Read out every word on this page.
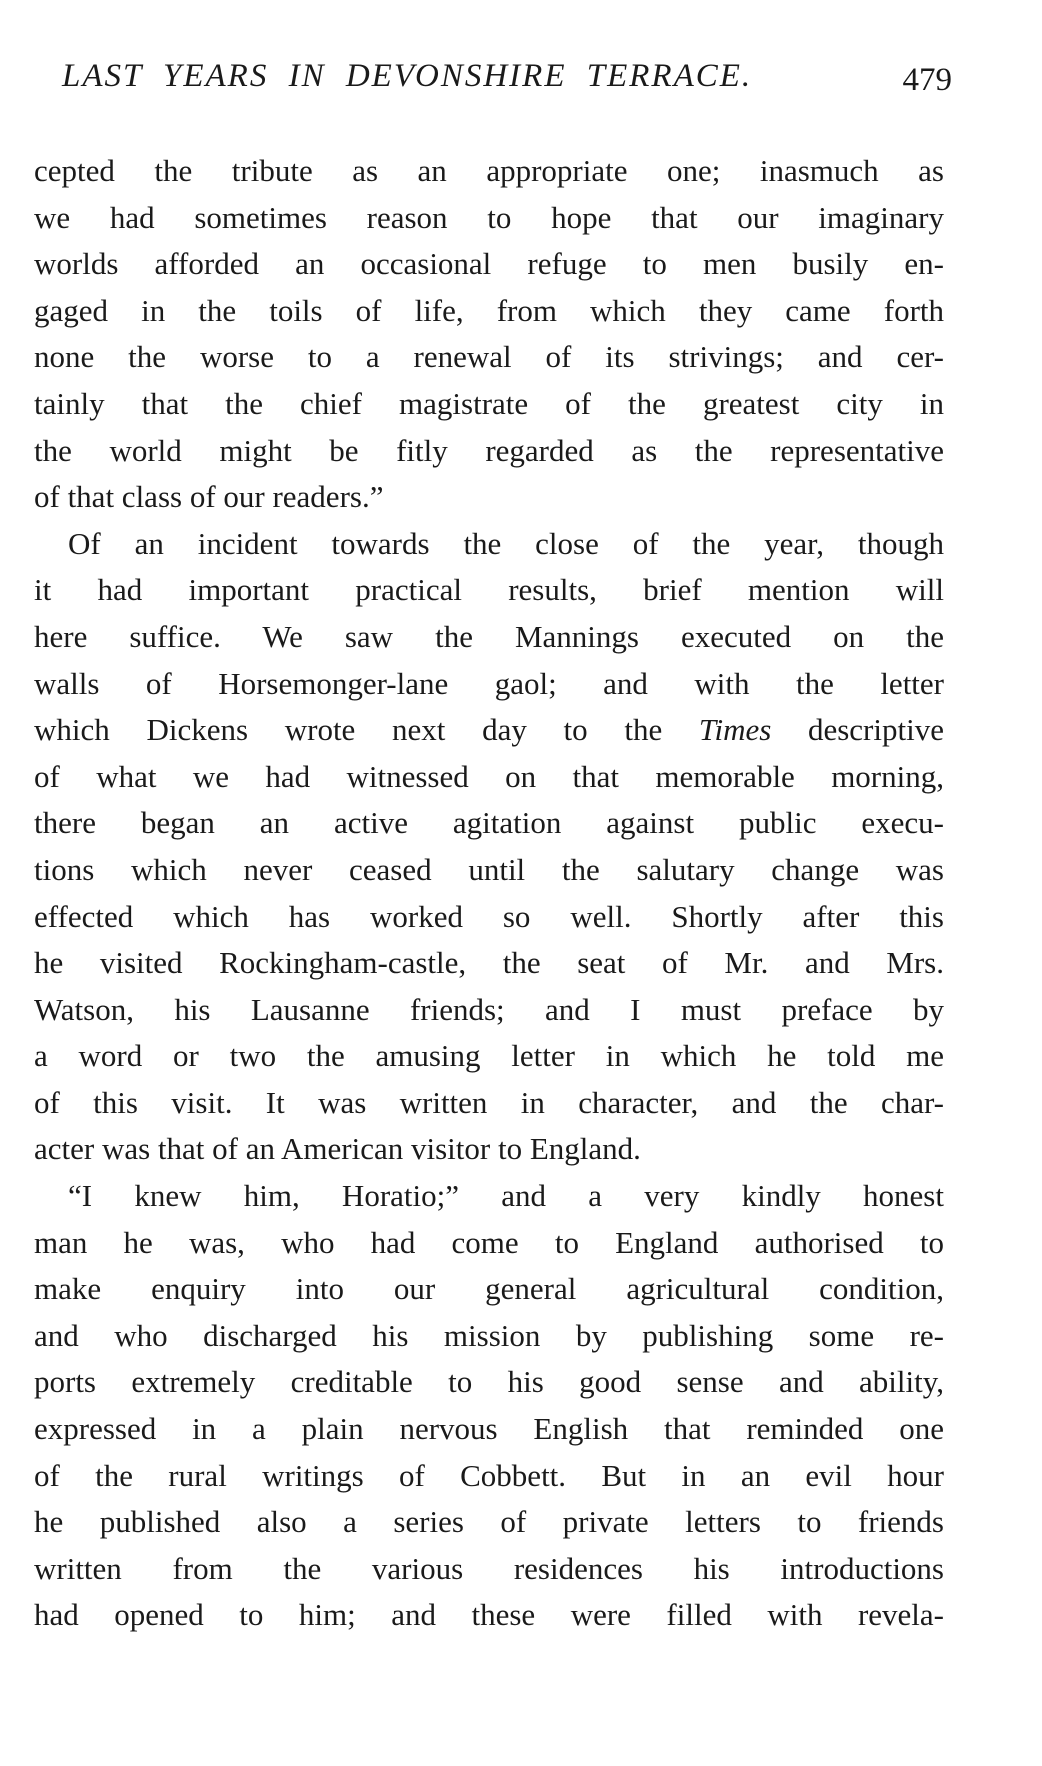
LAST YEARS IN DEVONSHIRE TERRACE.	479
cepted the tribute as an appropriate one; inasmuch as
we had sometimes reason to hope that our imaginary
worlds afforded an occasional refuge to men busily en-
gaged in the toils of life, from which they came forth
none the worse to a renewal of its strivings; and cer-
tainly that the chief magistrate of the greatest city in
the world might be fitly regarded as the representative
of that class of our readers.”
Of an incident towards the close of the year, though
it had important practical results, brief mention will
here suffice. We saw the Mannings executed on the
walls of Horsemonger-lane gaol; and with the letter
which Dickens wrote next day to the Times descriptive
of what we had witnessed on that memorable morning,
there began an active agitation against public execu-
tions which never ceased until the salutary change was
effected which has worked so well. Shortly after this
he visited Rockingham-castle, the seat of Mr. and Mrs.
Watson, his Lausanne friends; and I must preface by
a word or two the amusing letter in which he told me
of this visit. It was written in character, and the char-
acter was that of an American visitor to England.
“I knew him, Horatio;” and a very kindly honest
man he was, who had come to England authorised to
make enquiry into our general agricultural condition,
and who discharged his mission by publishing some re-
ports extremely creditable to his good sense and ability,
expressed in a plain nervous English that reminded one
of the rural writings of Cobbett. But in an evil hour
he published also a series of private letters to friends
written from the various residences his introductions
had opened to him; and these were filled with revela-
